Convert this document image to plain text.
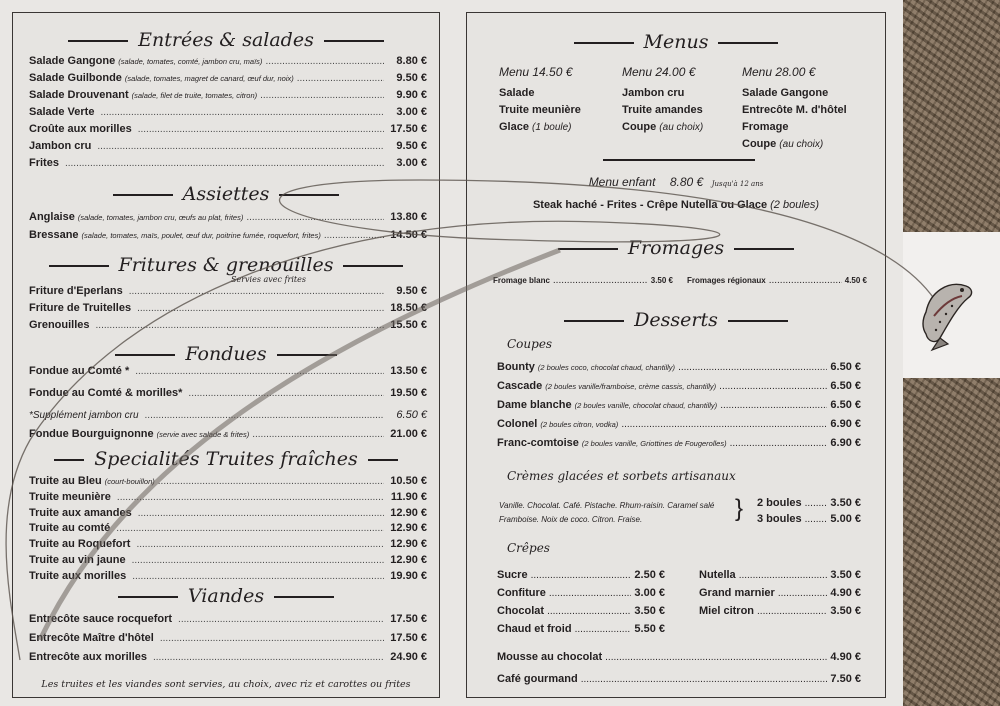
Entrées & salades
Salade Gangone (salade, tomates, comté, jambon cru, maïs) .....	8.80 €
Salade Guilbonde (salade, tomates, magret de canard, œuf dur, noix) .....	9.50 €
Salade Drouvenant (salade, filet de truite, tomates, citron) .....	9.90 €
Salade Verte .....	3.00 €
Croûte aux morilles .....	17.50 €
Jambon cru .....	9.50 €
Frites .....	3.00 €
Assiettes
Anglaise (salade, tomates, jambon cru, œufs au plat, frites) .....	13.80 €
Bressane (salade, tomates, maïs, poulet, œuf dur, poitrine fumée, roquefort, frites) .....	14.50 €
Fritures & grenouilles
Servies avec frites
Friture d'Eperlans .....	9.50 €
Friture de Truitelles .....	18.50 €
Grenouilles .....	15.50 €
Fondues
Fondue au Comté * .....	13.50 €
Fondue au Comté & morilles* .....	19.50 €
*Supplément jambon cru .....	6.50 €
Fondue Bourguignonne (servie avec salade & frites) .....	21.00 €
Specialités Truites fraîches
Truite au Bleu (court-bouillon) .....	10.50 €
Truite meunière .....	11.90 €
Truite aux amandes .....	12.90 €
Truite au comté .....	12.90 €
Truite au Roquefort .....	12.90 €
Truite au vin jaune .....	12.90 €
Truite aux morilles .....	19.90 €
Viandes
Entrecôte sauce rocquefort .....	17.50 €
Entrecôte Maître d'hôtel .....	17.50 €
Entrecôte aux morilles .....	24.90 €
Les truites et les viandes sont servies, au choix, avec riz et carottes ou frites
Menus
Menu 14.50 €
Salade
Truite meunière
Glace (1 boule)
Menu 24.00 €
Jambon cru
Truite amandes
Coupe (au choix)
Menu 28.00 €
Salade Gangone
Entrecôte M. d'hôtel
Fromage
Coupe (au choix)
Menu enfant 8.80 € Jusqu'à 12 ans
Steak haché - Frites - Crêpe Nutella ou Glace (2 boules)
Fromages
Fromage blanc .....	3.50 € Fromages régionaux .....	4.50 €
Desserts
Coupes
Bounty (2 boules coco, chocolat chaud, chantilly) .....	6.50 €
Cascade (2 boules vanille/framboise, crème cassis, chantilly) .....	6.50 €
Dame blanche (2 boules vanille, chocolat chaud, chantilly) .....	6.50 €
Colonel (2 boules citron, vodka) .....	6.90 €
Franc-comtoise (2 boules vanille, Griottines de Fougerolles) .....	6.90 €
Crèmes glacées et sorbets artisanaux
Vanille. Chocolat. Café. Pistache. Rhum-raisin. Caramel salé
Framboise. Noix de coco. Citron. Fraise.	} 2 boules .....	3.50 €
3 boules .....	5.00 €
Crêpes
Sucre .....	2.50 €
Confiture .....	3.00 €
Chocolat .....	3.50 €
Chaud et froid .....	5.50 €
Nutella .....	3.50 €
Grand marnier .....	4.90 €
Miel citron .....	3.50 €
Mousse au chocolat .....	4.90 €
Café gourmand .....	7.50 €
